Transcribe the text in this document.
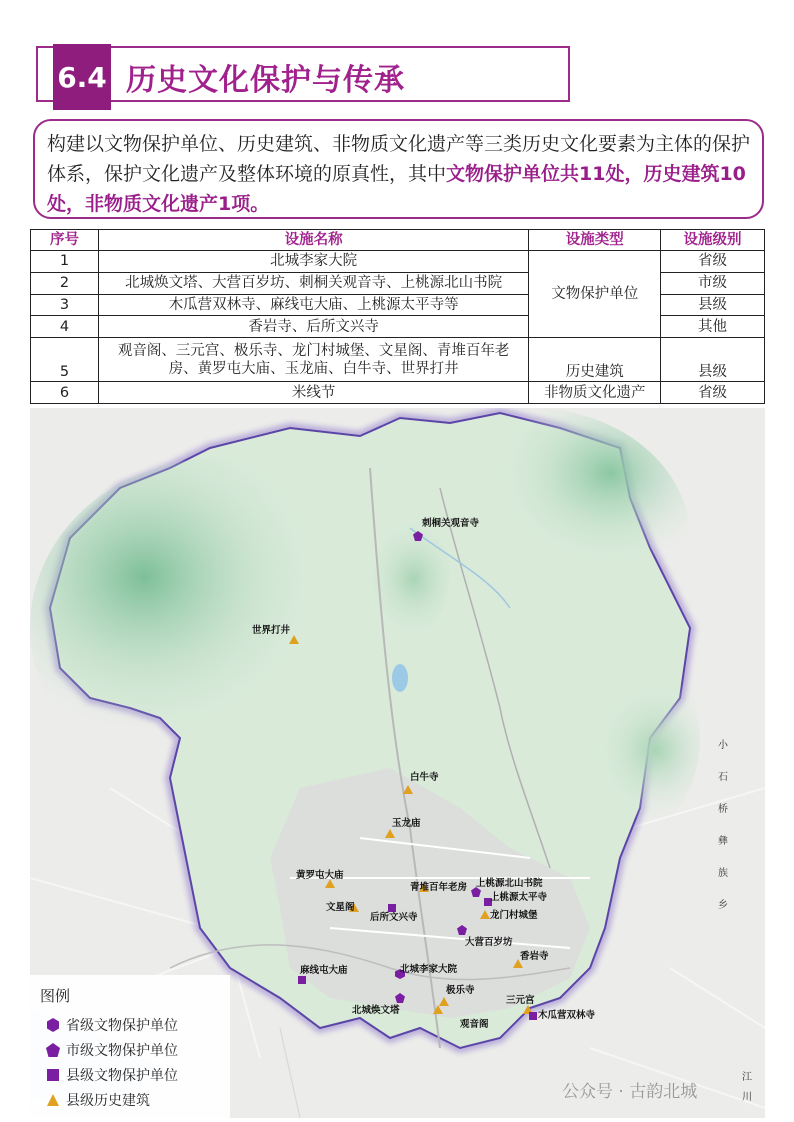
6.4 历史文化保护与传承
构建以文物保护单位、历史建筑、非物质文化遗产等三类历史文化要素为主体的保护体系，保护文化遗产及整体环境的原真性，其中文物保护单位共11处，历史建筑10处，非物质文化遗产1项。
序号	设施名称	设施类型	设施级别
1	北城李家大院	文物保护单位	省级
2	北城焕文塔、大营百岁坊、刺桐关观音寺、上桃源北山书院		市级
3	木瓜营双林寺、麻线屯大庙、上桃源太平寺等		县级
4	香岩寺、后所文兴寺		其他
5	观音阁、三元宫、极乐寺、龙门村城堡、文星阁、青堆百年老房、黄罗屯大庙、玉龙庙、白牛寺、世界打井	历史建筑	县级
6	米线节	非物质文化遗产	省级
刺桐关观音寺
世界打井
白牛寺
玉龙庙
黄罗屯大庙
文星阁
青堆百年老房
后所文兴寺
上桃源北山书院
上桃源太平寺
龙门村城堡
大营百岁坊
香岩寺
麻线屯大庙	北城李家大院
极乐寺
三元宫
木瓜营双林寺
北城焕文塔
观音阁
小
石
桥
彝
族
乡
江
川
图例
省级文物保护单位
市级文物保护单位
县级文物保护单位
县级历史建筑	公众号 · 古韵北城
